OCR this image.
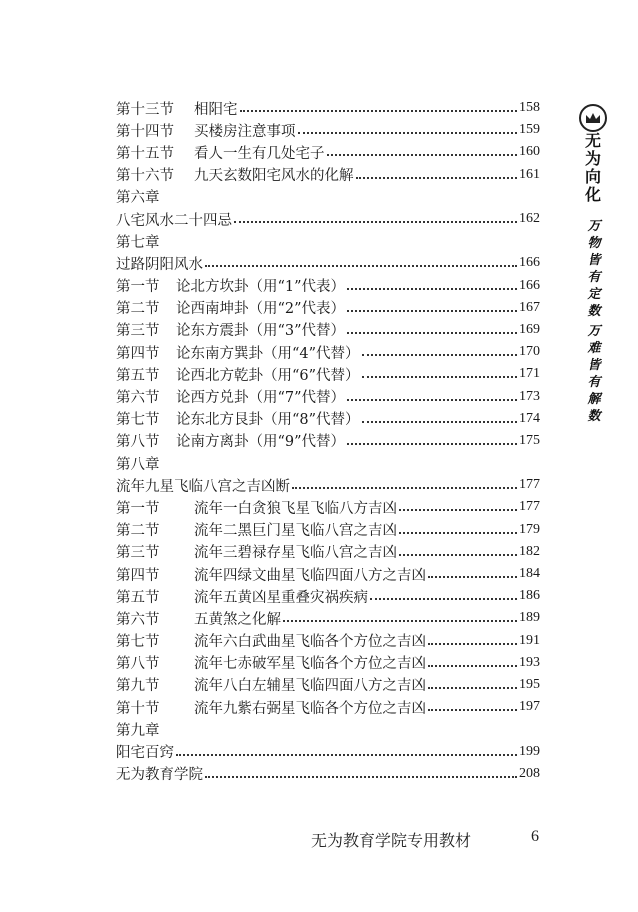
第十三节	相阳宅	158
第十四节	买楼房注意事项	159
第十五节	看人一生有几处宅子	160
第十六节	九天玄数阳宅风水的化解	161
第六章
八宅风水二十四忌	162
第七章
过路阴阳风水	166
第一节	论北方坎卦（用“1”代表）	166
第二节	论西南坤卦（用“2”代表）	167
第三节	论东方震卦（用“3”代替）	169
第四节	论东南方巽卦（用“4”代替）	170
第五节	论西北方乾卦（用“6”代替）	171
第六节	论西方兑卦（用“7”代替）	173
第七节	论东北方艮卦（用“8”代替）	174
第八节	论南方离卦（用“9”代替）	175
第八章
流年九星飞临八宫之吉凶断	177
第一节	流年一白贪狼飞星飞临八方吉凶	177
第二节	流年二黑巨门星飞临八宫之吉凶	179
第三节	流年三碧禄存星飞临八宫之吉凶	182
第四节	流年四绿文曲星飞临四面八方之吉凶	184
第五节	流年五黄凶星重叠灾祸疾病	186
第六节	五黄煞之化解	189
第七节	流年六白武曲星飞临各个方位之吉凶	191
第八节	流年七赤破军星飞临各个方位之吉凶	193
第九节	流年八白左辅星飞临四面八方之吉凶	195
第十节	流年九紫右弼星飞临各个方位之吉凶	197
第九章
阳宅百窍	199
无为教育学院	208
无为向化
万物皆有定数
万难皆有解数
无为教育学院专用教材	6
